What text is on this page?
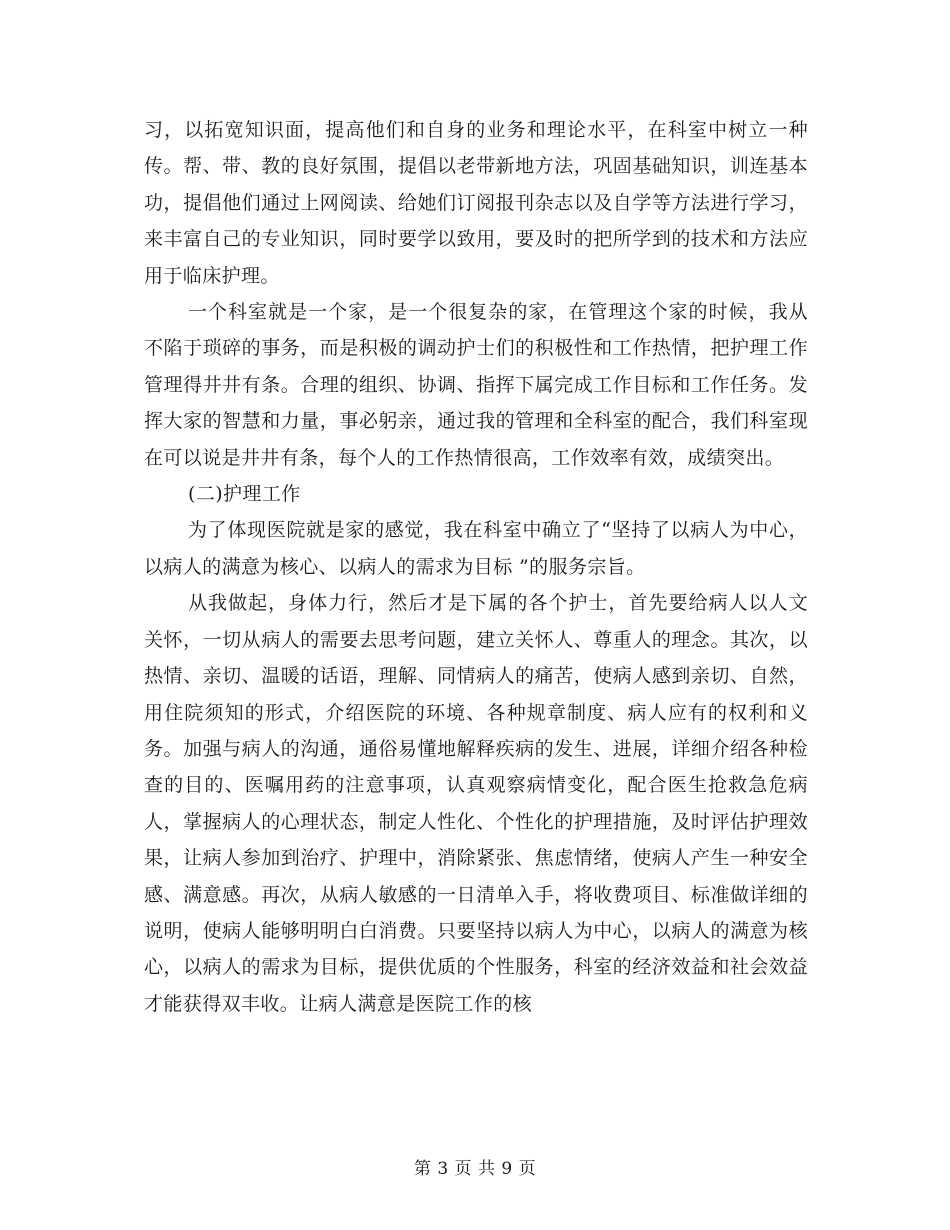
习，以拓宽知识面，提高他们和自身的业务和理论水平，在科室中树立一种传。帮、带、教的良好氛围，提倡以老带新地方法，巩固基础知识，训连基本功，提倡他们通过上网阅读、给她们订阅报刊杂志以及自学等方法进行学习，来丰富自己的专业知识，同时要学以致用，要及时的把所学到的技术和方法应用于临床护理。

一个科室就是一个家，是一个很复杂的家，在管理这个家的时候，我从不陷于琐碎的事务，而是积极的调动护士们的积极性和工作热情，把护理工作管理得井井有条。合理的组织、协调、指挥下属完成工作目标和工作任务。发挥大家的智慧和力量，事必躬亲，通过我的管理和全科室的配合，我们科室现在可以说是井井有条，每个人的工作热情很高，工作效率有效，成绩突出。

(二)护理工作

为了体现医院就是家的感觉，我在科室中确立了“坚持了以病人为中心，以病人的满意为核心、以病人的需求为目标 ”的服务宗旨。

从我做起，身体力行，然后才是下属的各个护士，首先要给病人以人文关怀，一切从病人的需要去思考问题，建立关怀人、尊重人的理念。其次，以热情、亲切、温暖的话语，理解、同情病人的痛苦，使病人感到亲切、自然，用住院须知的形式，介绍医院的环境、各种规章制度、病人应有的权利和义务。加强与病人的沟通，通俗易懂地解释疾病的发生、进展，详细介绍各种检查的目的、医嘱用药的注意事项，认真观察病情变化，配合医生抢救急危病人，掌握病人的心理状态，制定人性化、个性化的护理措施，及时评估护理效果，让病人参加到治疗、护理中，消除紧张、焦虑情绪，使病人产生一种安全感、满意感。再次，从病人敏感的一日清单入手，将收费项目、标准做详细的说明，使病人能够明明白白消费。只要坚持以病人为中心，以病人的满意为核心，以病人的需求为目标，提供优质的个性服务，科室的经济效益和社会效益才能获得双丰收。让病人满意是医院工作的核

第 3 页 共 9 页
